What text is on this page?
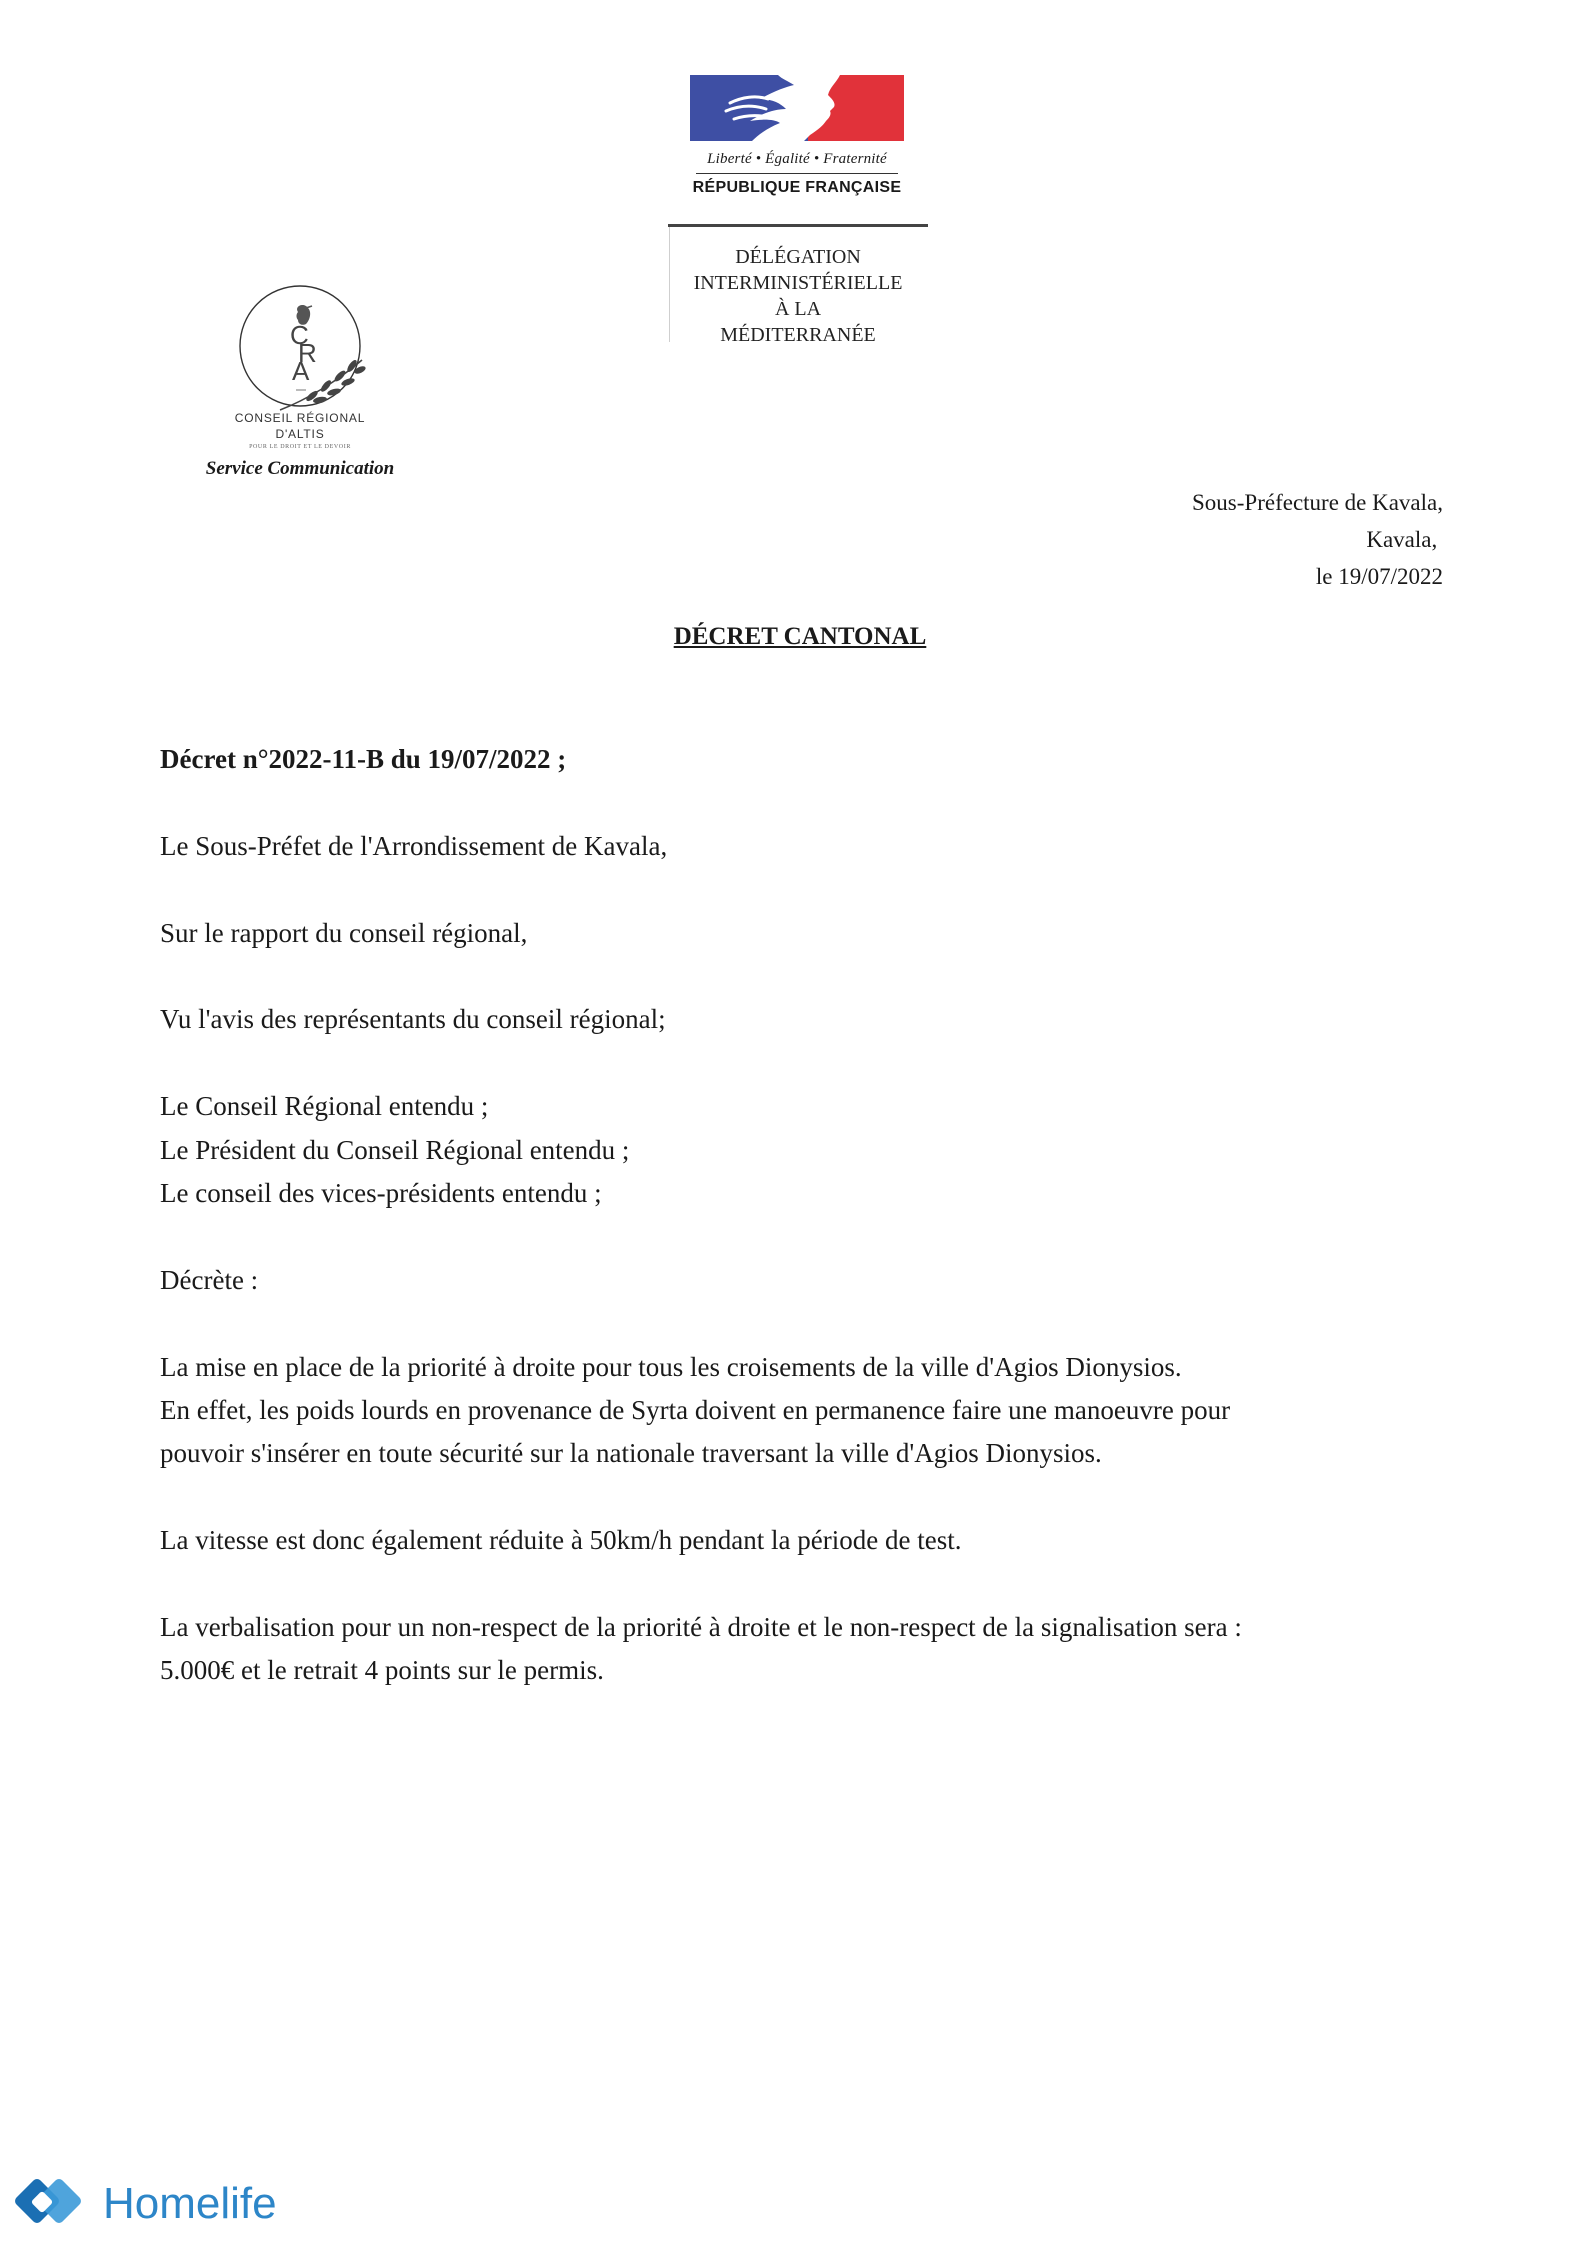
Liberté • Égalité • Fraternité
RÉPUBLIQUE FRANÇAISE
DÉLÉGATION
INTERMINISTÉRIELLE
À LA
MÉDITERRANÉE
C
R
A
CONSEIL RÉGIONAL
D'ALTIS
POUR LE DROIT ET LE DEVOIR
Service Communication
Sous-Préfecture de Kavala,
Kavala,
le 19/07/2022
DÉCRET CANTONAL

Décret n°2022-11-B du 19/07/2022 ;

Le Sous-Préfet de l'Arrondissement de Kavala,

Sur le rapport du conseil régional,

Vu l'avis des représentants du conseil régional;

Le Conseil Régional entendu ;
Le Président du Conseil Régional entendu ;
Le conseil des vices-présidents entendu ;

Décrète :

La mise en place de la priorité à droite pour tous les croisements de la ville d'Agios Dionysios.
En effet, les poids lourds en provenance de Syrta doivent en permanence faire une manoeuvre pour
pouvoir s'insérer en toute sécurité sur la nationale traversant la ville d'Agios Dionysios.

La vitesse est donc également réduite à 50km/h pendant la période de test.

La verbalisation pour un non-respect de la priorité à droite et le non-respect de la signalisation sera :
5.000€ et le retrait 4 points sur le permis.

Homelife
